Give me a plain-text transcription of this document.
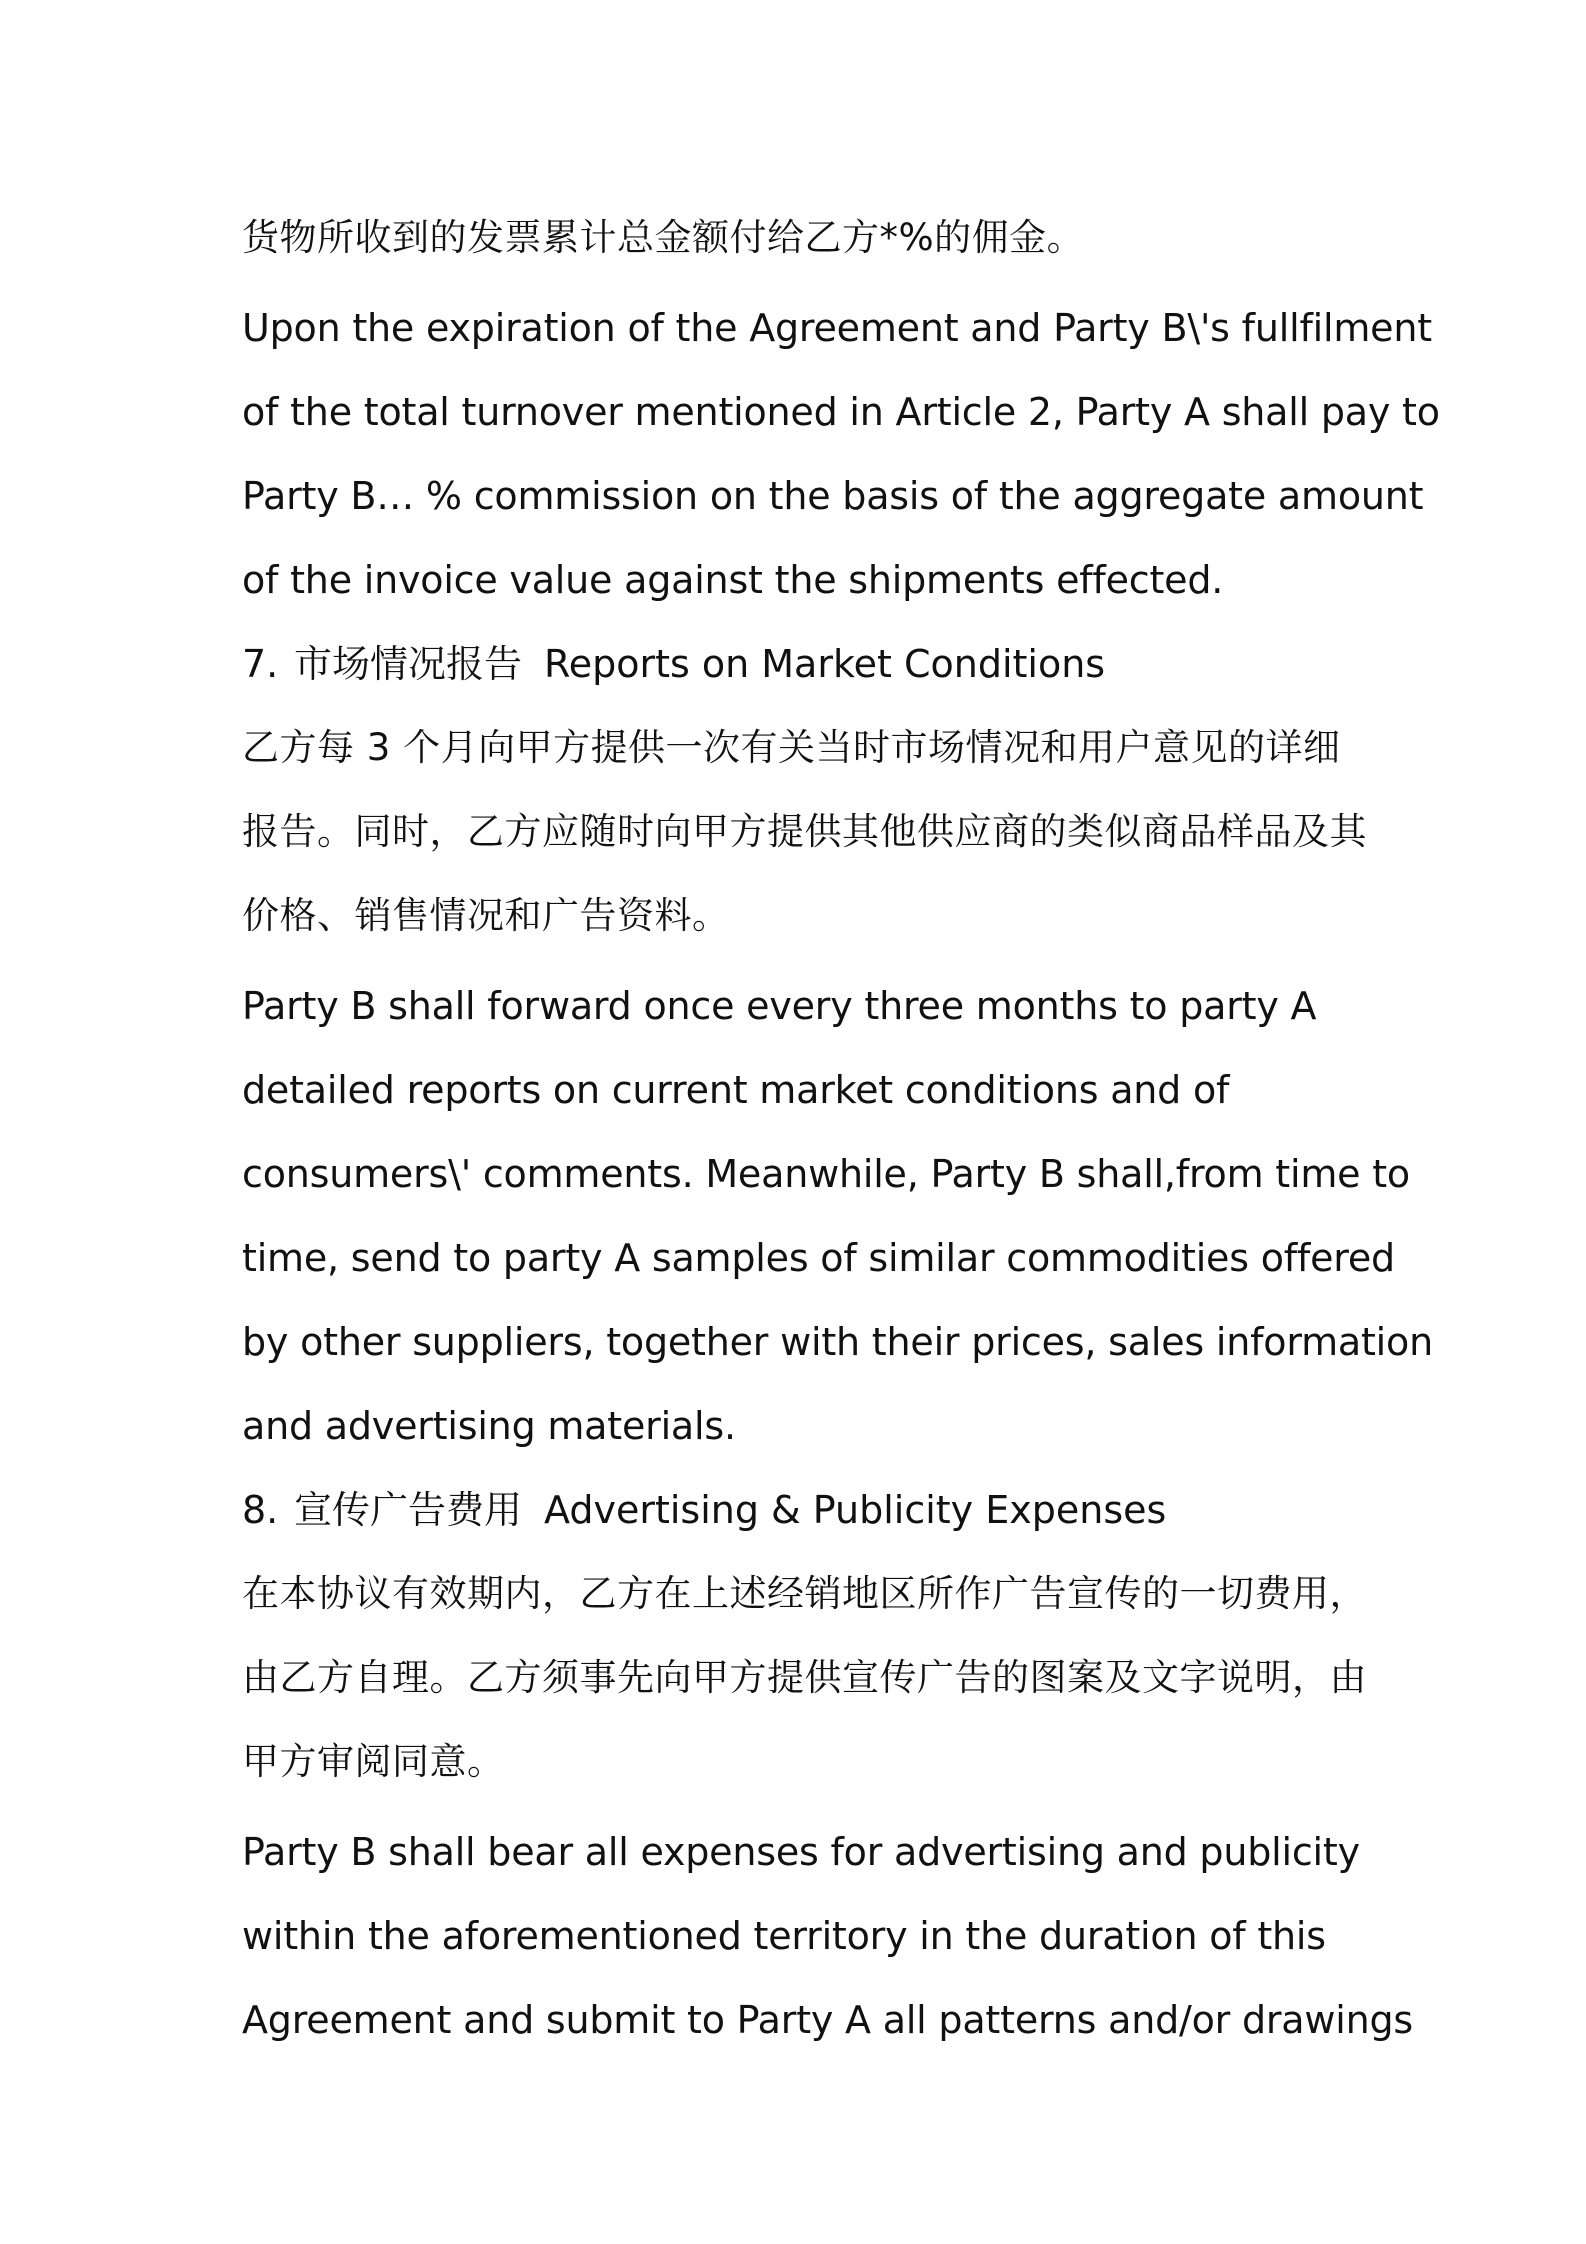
货物所收到的发票累计总金额付给乙方*%的佣金。
Upon the expiration of the Agreement and Party B\'s fullfilment
of the total turnover mentioned in Article 2, Party A shall pay to
Party B… % commission on the basis of the aggregate amount
of the invoice value against the shipments effected.
7. 市场情况报告 Reports on Market Conditions
乙方每 3 个月向甲方提供一次有关当时市场情况和用户意见的详细
报告。同时，乙方应随时向甲方提供其他供应商的类似商品样品及其
价格、销售情况和广告资料。
Party B shall forward once every three months to party A
detailed reports on current market conditions and of
consumers\' comments. Meanwhile, Party B shall,from time to
time, send to party A samples of similar commodities offered
by other suppliers, together with their prices, sales information
and advertising materials.
8. 宣传广告费用 Advertising & Publicity Expenses
在本协议有效期内，乙方在上述经销地区所作广告宣传的一切费用，
由乙方自理。乙方须事先向甲方提供宣传广告的图案及文字说明，由
甲方审阅同意。
Party B shall bear all expenses for advertising and publicity
within the aforementioned territory in the duration of this
Agreement and submit to Party A all patterns and/or drawings
